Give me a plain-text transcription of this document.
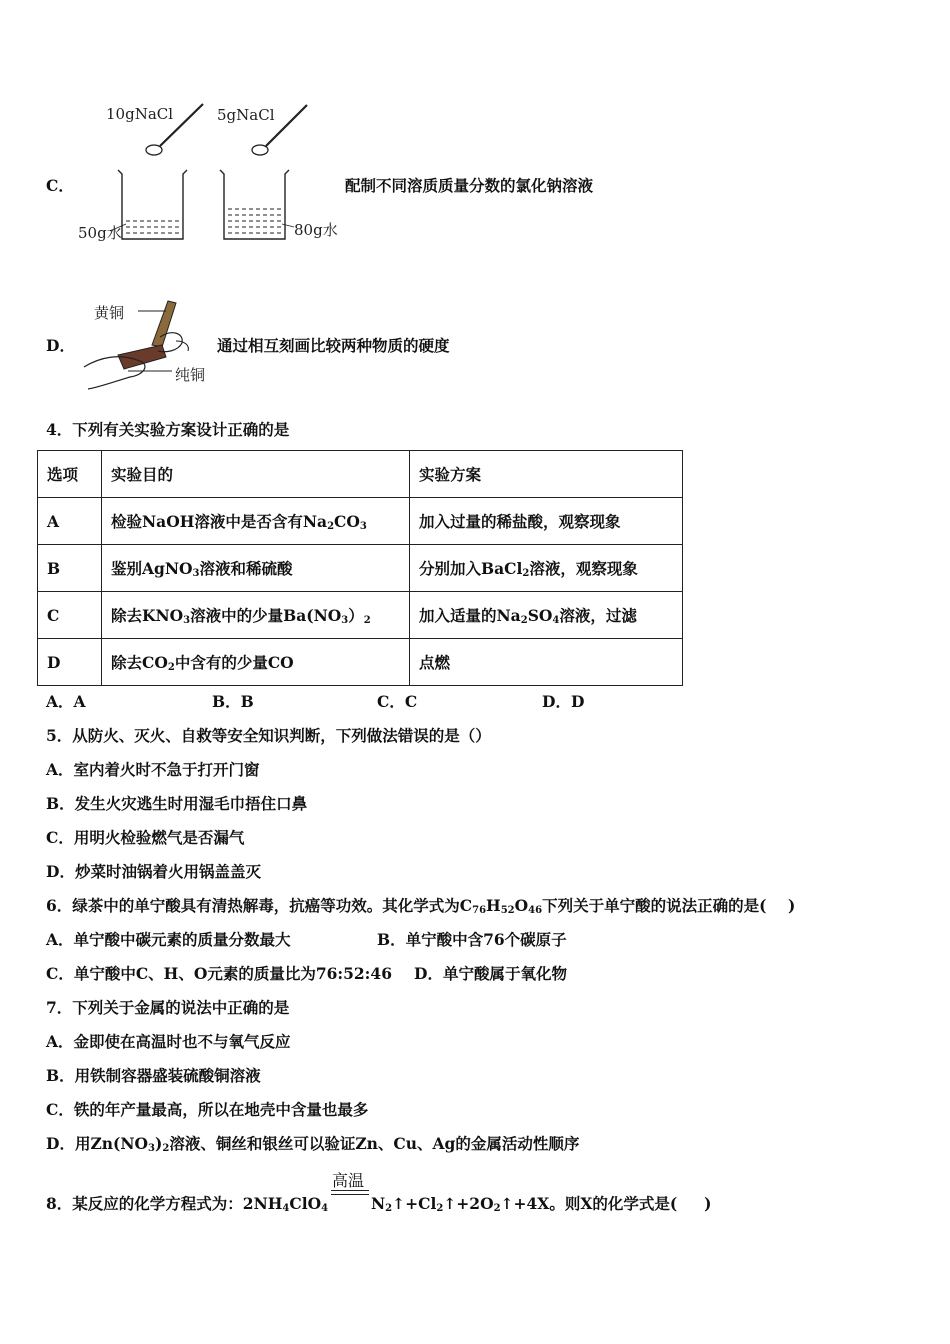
C．
10gNaCl	5gNaCl
50g水	80g水
配制不同溶质质量分数的氯化钠溶液
D．
黄铜
纯铜
通过相互刻画比较两种物质的硬度
4．下列有关实验方案设计正确的是
选项	实验目的	实验方案
A	检验NaOH溶液中是否含有$Na_2CO_3$	加入过量的稀盐酸，观察现象
B	鉴别AgNO$_3$溶液和稀硫酸	分别加入BaCl$_2$溶液，观察现象
C	除去$KNO_3$溶液中的少量$Ba(NO_3)_2$	加入适量的$Na_2SO_4$溶液，过滤
D	除去$CO_2$中含有的少量CO	点燃
A．A	B．B	C．C	D．D
5．从防火、灭火、自救等安全知识判断，下列做法错误的是（）
A．室内着火时不急于打开门窗
B．发生火灾逃生时用湿毛巾捂住口鼻
C．用明火检验燃气是否漏气
D．炒菜时油锅着火用锅盖盖灭
6．绿茶中的单宁酸具有清热解毒，抗癌等功效。其化学式为$C_{76}H_{52}O_{46}$下列关于单宁酸的说法正确的是(    )
A．单宁酸中碳元素的质量分数最大	B．单宁酸中含76个碳原子
C．单宁酸中C、H、O元素的质量比为76:52:46 D．单宁酸属于氧化物
7．下列关于金属的说法中正确的是
A．金即使在高温时也不与氧气反应
B．用铁制容器盛装硫酸铜溶液
C．铁的年产量最高，所以在地壳中含量也最多
D．用$Zn(NO_3)_2$溶液、铜丝和银丝可以验证Zn、Cu、Ag的金属活动性顺序
8．某反应的化学方程式为：$2NH_4ClO_4$
高温
$N_2↑+Cl_2↑+2O_2↑+4X$。则X的化学式是(     )
